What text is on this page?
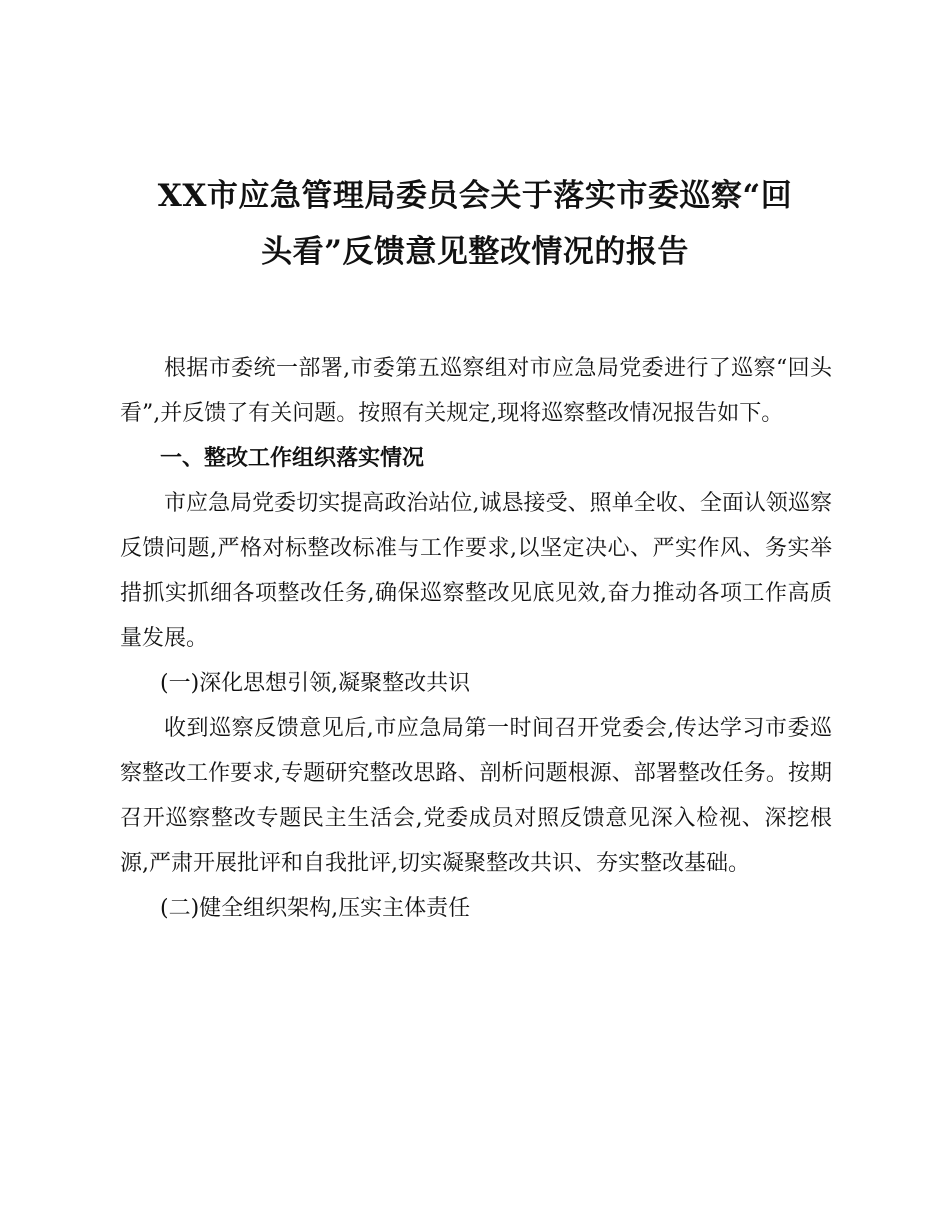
XX市应急管理局委员会关于落实市委巡察“回
头看”反馈意见整改情况的报告

根据市委统一部署,市委第五巡察组对市应急局党委进行了巡察“回头看”,并反馈了有关问题。按照有关规定,现将巡察整改情况报告如下。

一、整改工作组织落实情况

市应急局党委切实提高政治站位,诚恳接受、照单全收、全面认领巡察反馈问题,严格对标整改标准与工作要求,以坚定决心、严实作风、务实举措抓实抓细各项整改任务,确保巡察整改见底见效,奋力推动各项工作高质量发展。

(一)深化思想引领,凝聚整改共识

收到巡察反馈意见后,市应急局第一时间召开党委会,传达学习市委巡察整改工作要求,专题研究整改思路、剖析问题根源、部署整改任务。按期召开巡察整改专题民主生活会,党委成员对照反馈意见深入检视、深挖根源,严肃开展批评和自我批评,切实凝聚整改共识、夯实整改基础。

(二)健全组织架构,压实主体责任
